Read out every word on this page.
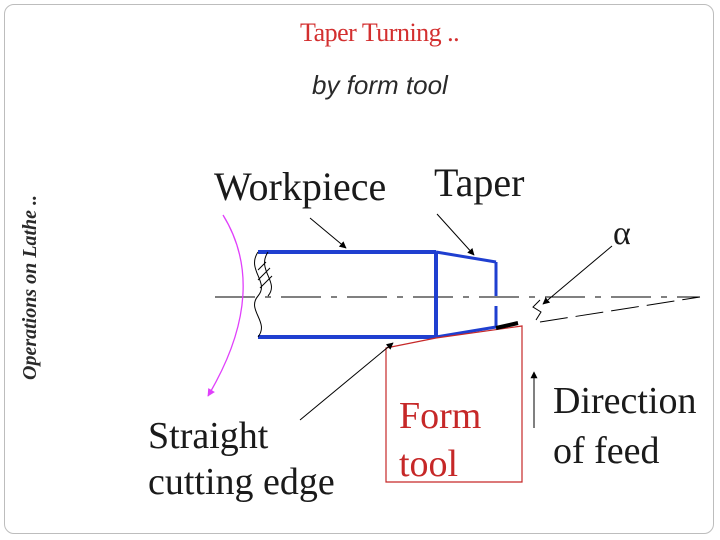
Operations on Lathe ..
Taper Turning ..
by form tool
Workpiece Taper
α
Straight
cutting edge
Form
tool
Direction
of feed
